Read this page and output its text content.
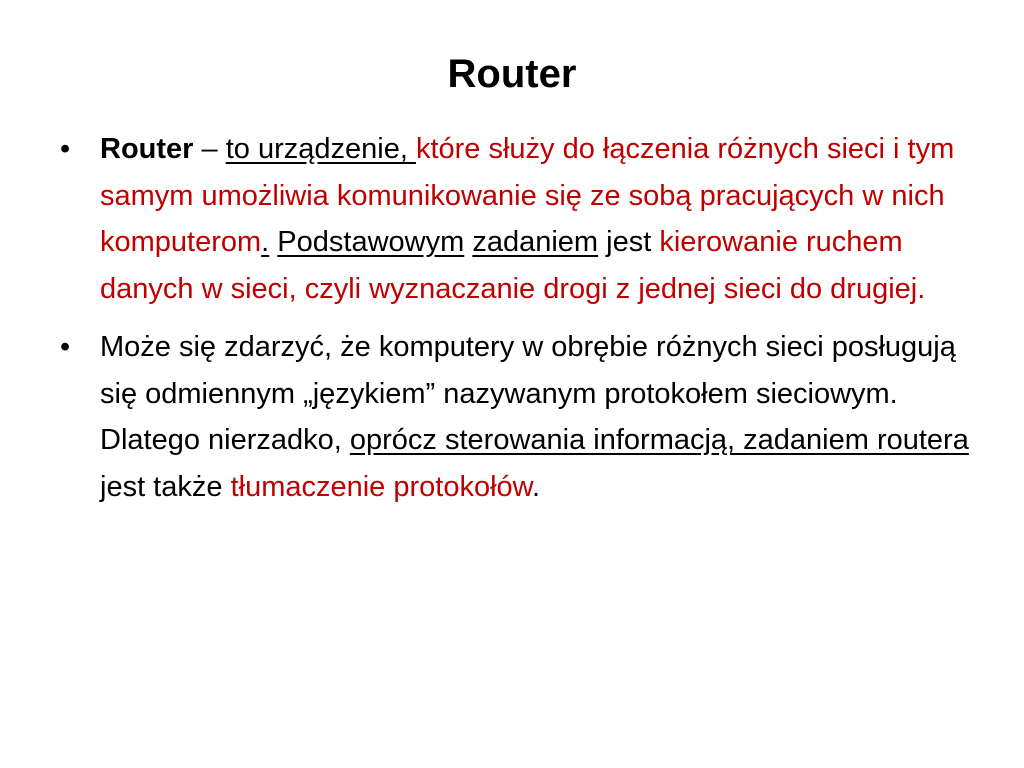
Router
•	Router – to urządzenie, które służy do łączenia różnych sieci i tym samym umożliwia komunikowanie się ze sobą pracujących w nich komputerom. Podstawowym zadaniem jest kierowanie ruchem danych w sieci, czyli wyznaczanie drogi z jednej sieci do drugiej.
•	Może się zdarzyć, że komputery w obrębie różnych sieci posługują się odmiennym „językiem” nazywanym protokołem sieciowym. Dlatego nierzadko, oprócz sterowania informacją, zadaniem routera jest także tłumaczenie protokołów.
